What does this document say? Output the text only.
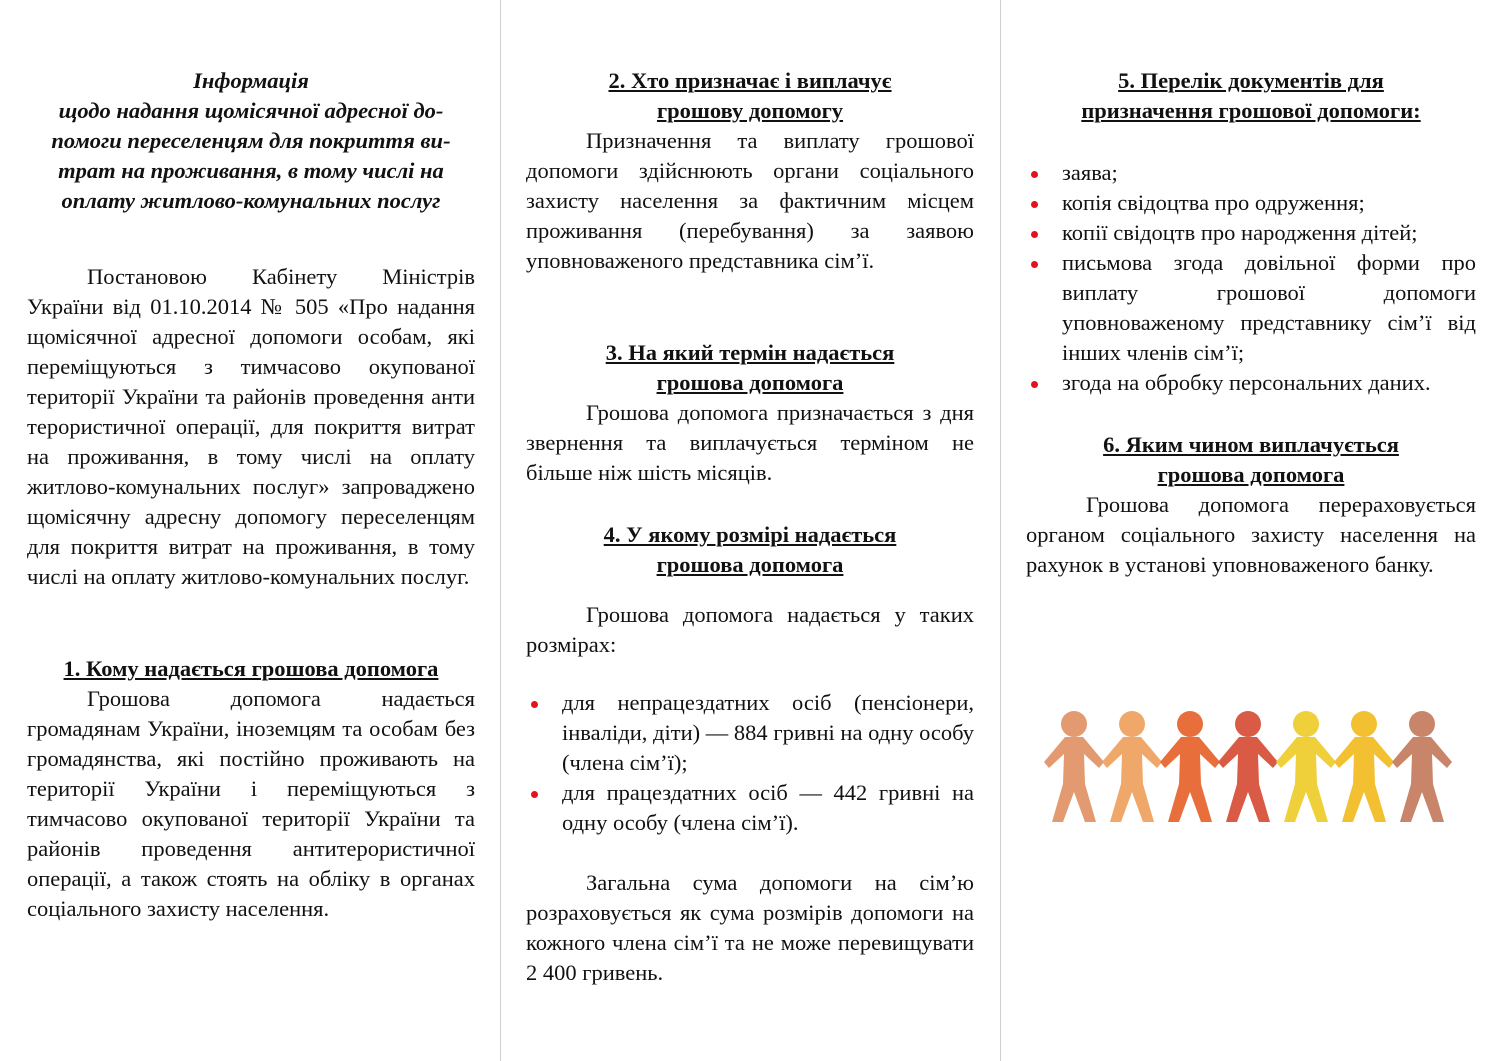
Інформація
щодо надання щомісячної адресної до-
помоги переселенцям для покриття ви-
трат на проживання, в тому числі на
оплату житлово-комунальних послуг

Постановою Кабінету Міністрів України від 01.10.2014 № 505 «Про надання щомісячної адресної допомоги особам, які переміщуються з тимчасово окупованої території України та районів проведення анти терористичної операції, для покриття витрат на проживання, в тому числі на оплату житлово-комунальних послуг» запроваджено щомісячну адресну допомогу переселенцям для покриття витрат на проживання, в тому числі на оплату житлово-комунальних послуг.

1. Кому надається грошова допомога

Грошова допомога надається громадянам України, іноземцям та особам без громадянства, які постійно проживають на території України і переміщуються з тимчасово окупованої території України та районів проведення антитерористичної операції, а також стоять на обліку в органах соціального захисту населення.

2. Хто призначає і виплачує
грошову допомогу

Призначення та виплату грошової допомоги здійснюють органи соціального захисту населення за фактичним місцем проживання (перебування) за заявою уповноваженого представника сім’ї.

3. На який термін надається
грошова допомога

Грошова допомога призначається з дня звернення та виплачується терміном не більше ніж шість місяців.

4. У якому розмірі надається
грошова допомога

Грошова допомога надається у таких розмірах:

для непрацездатних осіб (пенсіонери, інваліди, діти) — 884 гривні на одну особу (члена сім’ї);
для працездатних осіб — 442 гривні на одну особу (члена сім’ї).

Загальна сума допомоги на сім’ю розраховується як сума розмірів допомоги на кожного члена сім’ї та не може перевищувати 2 400 гривень.

5. Перелік документів для
призначення грошової допомоги:
заява;
копія свідоцтва про одруження;
копії свідоцтв про народження дітей;
письмова згода довільної форми про виплату грошової допомоги уповноваженому представнику сім’ї від інших членів сім’ї;
згода на обробку персональних даних.
6. Яким чином виплачується
грошова допомога

Грошова допомога перераховується органом соціального захисту населення на рахунок в установі уповноваженого банку.
